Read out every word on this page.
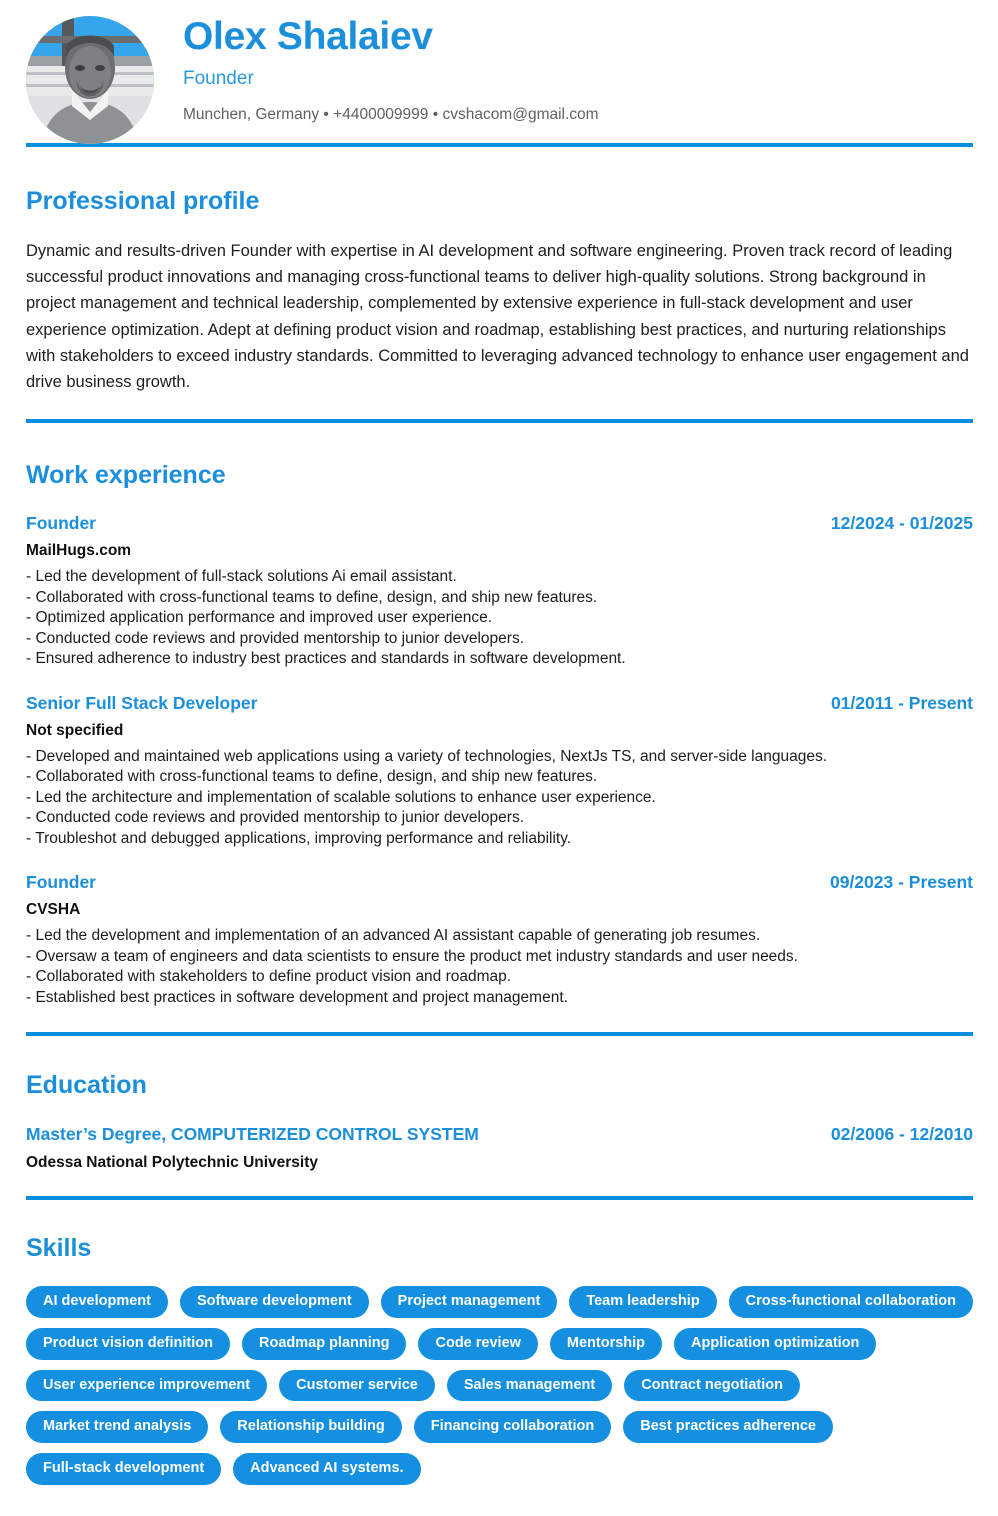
Olex Shalaiev
Founder
Munchen, Germany • +4400009999 • cvshacom@gmail.com
Professional profile

Dynamic and results-driven Founder with expertise in AI development and software engineering. Proven track record of leading successful product innovations and managing cross-functional teams to deliver high-quality solutions. Strong background in project management and technical leadership, complemented by extensive experience in full-stack development and user experience optimization. Adept at defining product vision and roadmap, establishing best practices, and nurturing relationships with stakeholders to exceed industry standards. Committed to leveraging advanced technology to enhance user engagement and drive business growth.

Work experience
Founder	12/2024 - 01/2025
MailHugs.com
- Led the development of full-stack solutions Ai email assistant.
- Collaborated with cross-functional teams to define, design, and ship new features.
- Optimized application performance and improved user experience.
- Conducted code reviews and provided mentorship to junior developers.
- Ensured adherence to industry best practices and standards in software development.
Senior Full Stack Developer	01/2011 - Present
Not specified
- Developed and maintained web applications using a variety of technologies, NextJs TS, and server-side languages.
- Collaborated with cross-functional teams to define, design, and ship new features.
- Led the architecture and implementation of scalable solutions to enhance user experience.
- Conducted code reviews and provided mentorship to junior developers.
- Troubleshot and debugged applications, improving performance and reliability.
Founder	09/2023 - Present
CVSHA
- Led the development and implementation of an advanced AI assistant capable of generating job resumes.
- Oversaw a team of engineers and data scientists to ensure the product met industry standards and user needs.
- Collaborated with stakeholders to define product vision and roadmap.
- Established best practices in software development and project management.
Education
Master’s Degree, COMPUTERIZED CONTROL SYSTEM	02/2006 - 12/2010
Odessa National Polytechnic University
Skills
AI development	Software development	Project management	Team leadership	Cross-functional collaboration
Product vision definition	Roadmap planning	Code review	Mentorship	Application optimization
User experience improvement	Customer service	Sales management	Contract negotiation
Market trend analysis	Relationship building	Financing collaboration	Best practices adherence
Full-stack development	Advanced AI systems.
